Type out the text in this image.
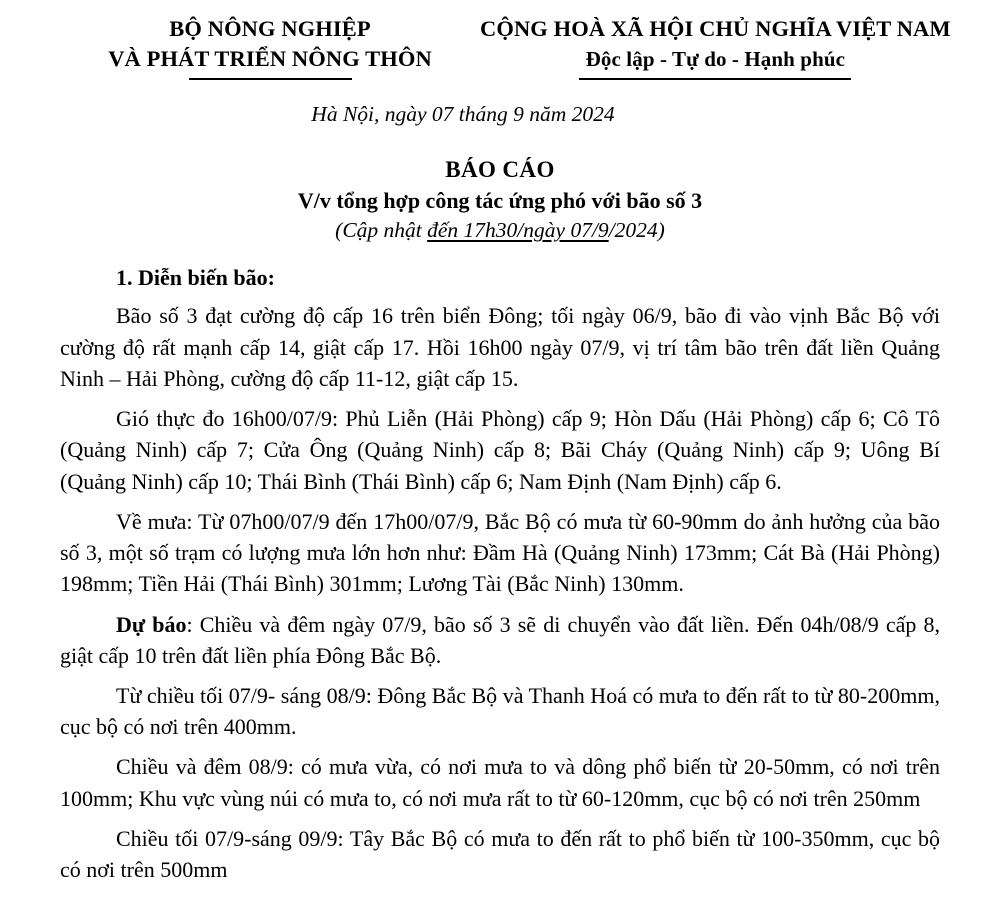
BỘ NÔNG NGHIỆP
VÀ PHÁT TRIỂN NÔNG THÔN
CỘNG HOÀ XÃ HỘI CHỦ NGHĨA VIỆT NAM
Độc lập - Tự do - Hạnh phúc
Hà Nội, ngày 07 tháng 9 năm 2024
BÁO CÁO
V/v tổng hợp công tác ứng phó với bão số 3
(Cập nhật đến 17h30/ngày 07/9/2024)
1. Diễn biến bão:

Bão số 3 đạt cường độ cấp 16 trên biển Đông; tối ngày 06/9, bão đi vào vịnh Bắc Bộ với cường độ rất mạnh cấp 14, giật cấp 17. Hồi 16h00 ngày 07/9, vị trí tâm bão trên đất liền Quảng Ninh – Hải Phòng, cường độ cấp 11-12, giật cấp 15.

Gió thực đo 16h00/07/9: Phủ Liễn (Hải Phòng) cấp 9; Hòn Dấu (Hải Phòng) cấp 6; Cô Tô (Quảng Ninh) cấp 7; Cửa Ông (Quảng Ninh) cấp 8; Bãi Cháy (Quảng Ninh) cấp 9; Uông Bí (Quảng Ninh) cấp 10; Thái Bình (Thái Bình) cấp 6; Nam Định (Nam Định) cấp 6.

Về mưa: Từ 07h00/07/9 đến 17h00/07/9, Bắc Bộ có mưa từ 60-90mm do ảnh hưởng của bão số 3, một số trạm có lượng mưa lớn hơn như: Đầm Hà (Quảng Ninh) 173mm; Cát Bà (Hải Phòng) 198mm; Tiền Hải (Thái Bình) 301mm; Lương Tài (Bắc Ninh) 130mm.

Dự báo: Chiều và đêm ngày 07/9, bão số 3 sẽ di chuyển vào đất liền. Đến 04h/08/9 cấp 8, giật cấp 10 trên đất liền phía Đông Bắc Bộ.

Từ chiều tối 07/9- sáng 08/9: Đông Bắc Bộ và Thanh Hoá có mưa to đến rất to từ 80-200mm, cục bộ có nơi trên 400mm.

Chiều và đêm 08/9: có mưa vừa, có nơi mưa to và dông phổ biến từ 20-50mm, có nơi trên 100mm; Khu vực vùng núi có mưa to, có nơi mưa rất to từ 60-120mm, cục bộ có nơi trên 250mm

Chiều tối 07/9-sáng 09/9: Tây Bắc Bộ có mưa to đến rất to phổ biến từ 100-350mm, cục bộ có nơi trên 500mm
